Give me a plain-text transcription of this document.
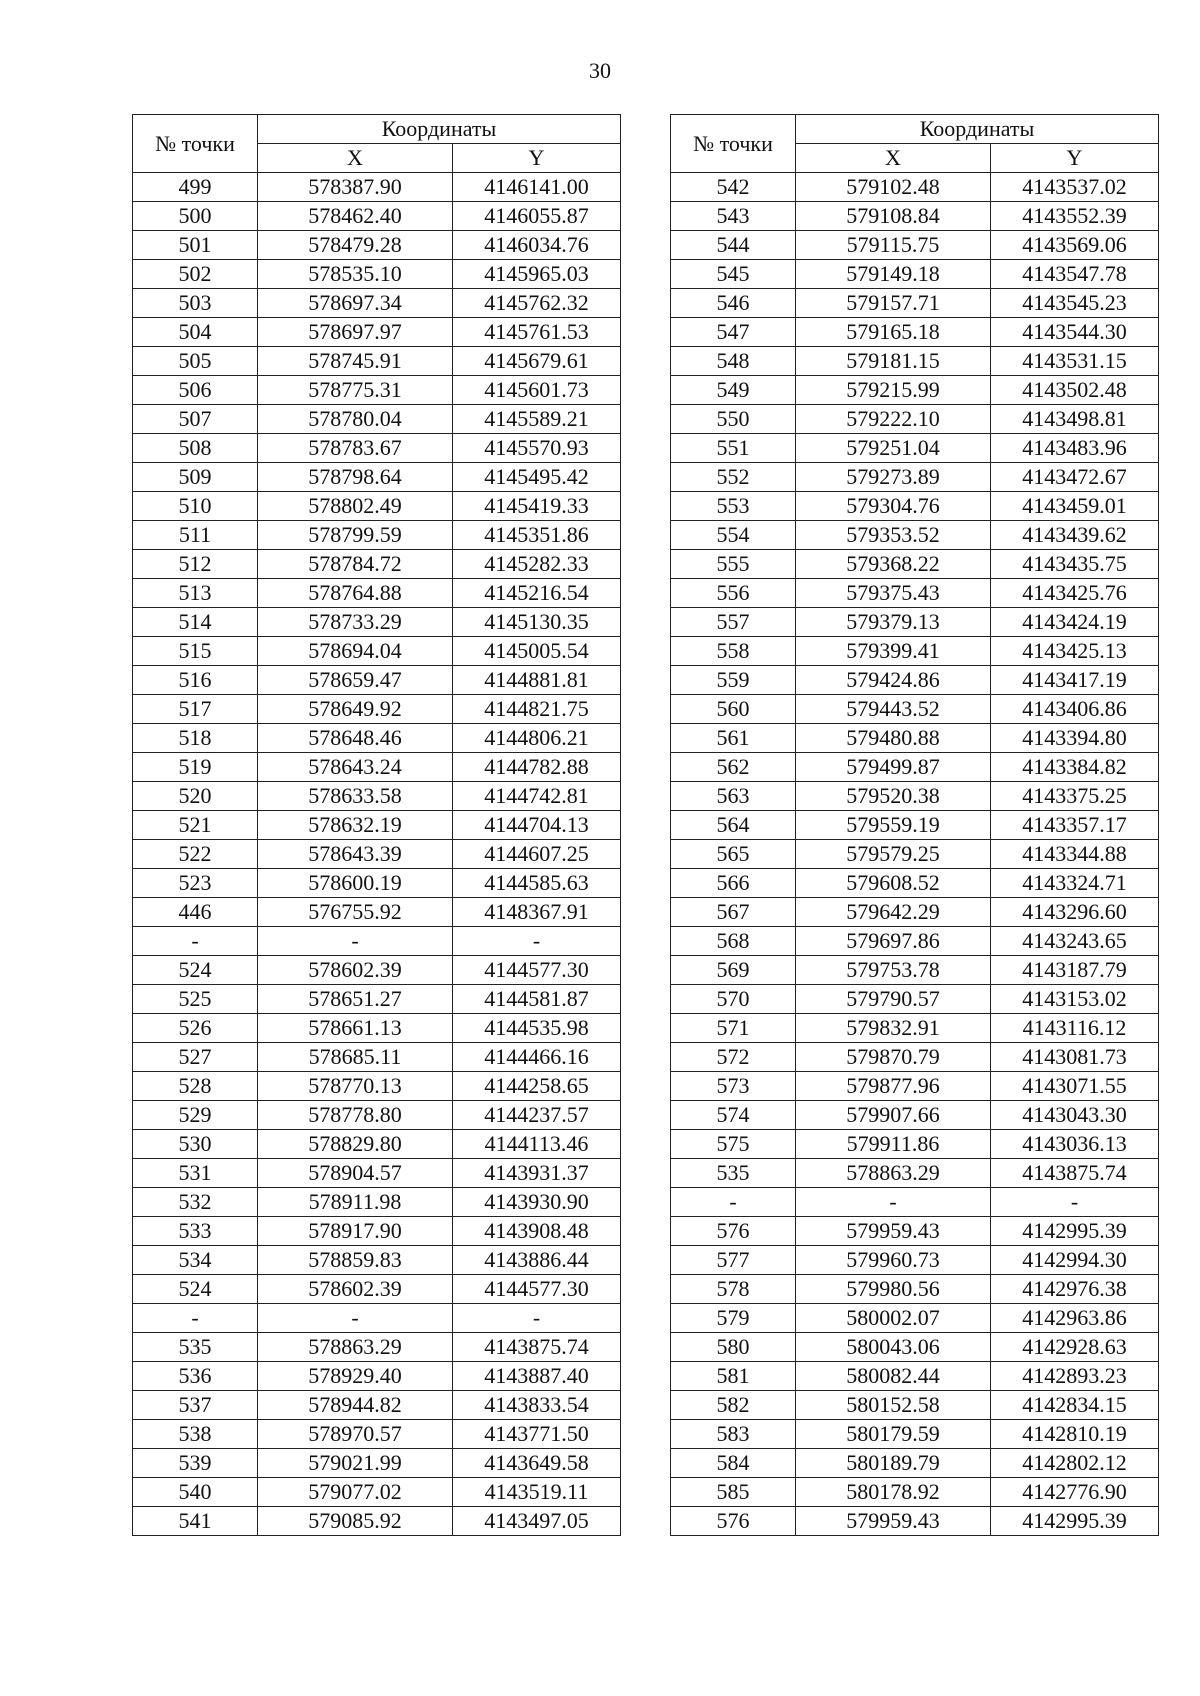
30
№ точки	Координаты	
	X	Y
499	578387.90	4146141.00
500	578462.40	4146055.87
501	578479.28	4146034.76
502	578535.10	4145965.03
503	578697.34	4145762.32
504	578697.97	4145761.53
505	578745.91	4145679.61
506	578775.31	4145601.73
507	578780.04	4145589.21
508	578783.67	4145570.93
509	578798.64	4145495.42
510	578802.49	4145419.33
511	578799.59	4145351.86
512	578784.72	4145282.33
513	578764.88	4145216.54
514	578733.29	4145130.35
515	578694.04	4145005.54
516	578659.47	4144881.81
517	578649.92	4144821.75
518	578648.46	4144806.21
519	578643.24	4144782.88
520	578633.58	4144742.81
521	578632.19	4144704.13
522	578643.39	4144607.25
523	578600.19	4144585.63
446	576755.92	4148367.91
-	-	-
524	578602.39	4144577.30
525	578651.27	4144581.87
526	578661.13	4144535.98
527	578685.11	4144466.16
528	578770.13	4144258.65
529	578778.80	4144237.57
530	578829.80	4144113.46
531	578904.57	4143931.37
532	578911.98	4143930.90
533	578917.90	4143908.48
534	578859.83	4143886.44
524	578602.39	4144577.30
-	-	-
535	578863.29	4143875.74
536	578929.40	4143887.40
537	578944.82	4143833.54
538	578970.57	4143771.50
539	579021.99	4143649.58
540	579077.02	4143519.11
541	579085.92	4143497.05
№ точки	Координаты	
	X	Y
542	579102.48	4143537.02
543	579108.84	4143552.39
544	579115.75	4143569.06
545	579149.18	4143547.78
546	579157.71	4143545.23
547	579165.18	4143544.30
548	579181.15	4143531.15
549	579215.99	4143502.48
550	579222.10	4143498.81
551	579251.04	4143483.96
552	579273.89	4143472.67
553	579304.76	4143459.01
554	579353.52	4143439.62
555	579368.22	4143435.75
556	579375.43	4143425.76
557	579379.13	4143424.19
558	579399.41	4143425.13
559	579424.86	4143417.19
560	579443.52	4143406.86
561	579480.88	4143394.80
562	579499.87	4143384.82
563	579520.38	4143375.25
564	579559.19	4143357.17
565	579579.25	4143344.88
566	579608.52	4143324.71
567	579642.29	4143296.60
568	579697.86	4143243.65
569	579753.78	4143187.79
570	579790.57	4143153.02
571	579832.91	4143116.12
572	579870.79	4143081.73
573	579877.96	4143071.55
574	579907.66	4143043.30
575	579911.86	4143036.13
535	578863.29	4143875.74
-	-	-
576	579959.43	4142995.39
577	579960.73	4142994.30
578	579980.56	4142976.38
579	580002.07	4142963.86
580	580043.06	4142928.63
581	580082.44	4142893.23
582	580152.58	4142834.15
583	580179.59	4142810.19
584	580189.79	4142802.12
585	580178.92	4142776.90
576	579959.43	4142995.39
